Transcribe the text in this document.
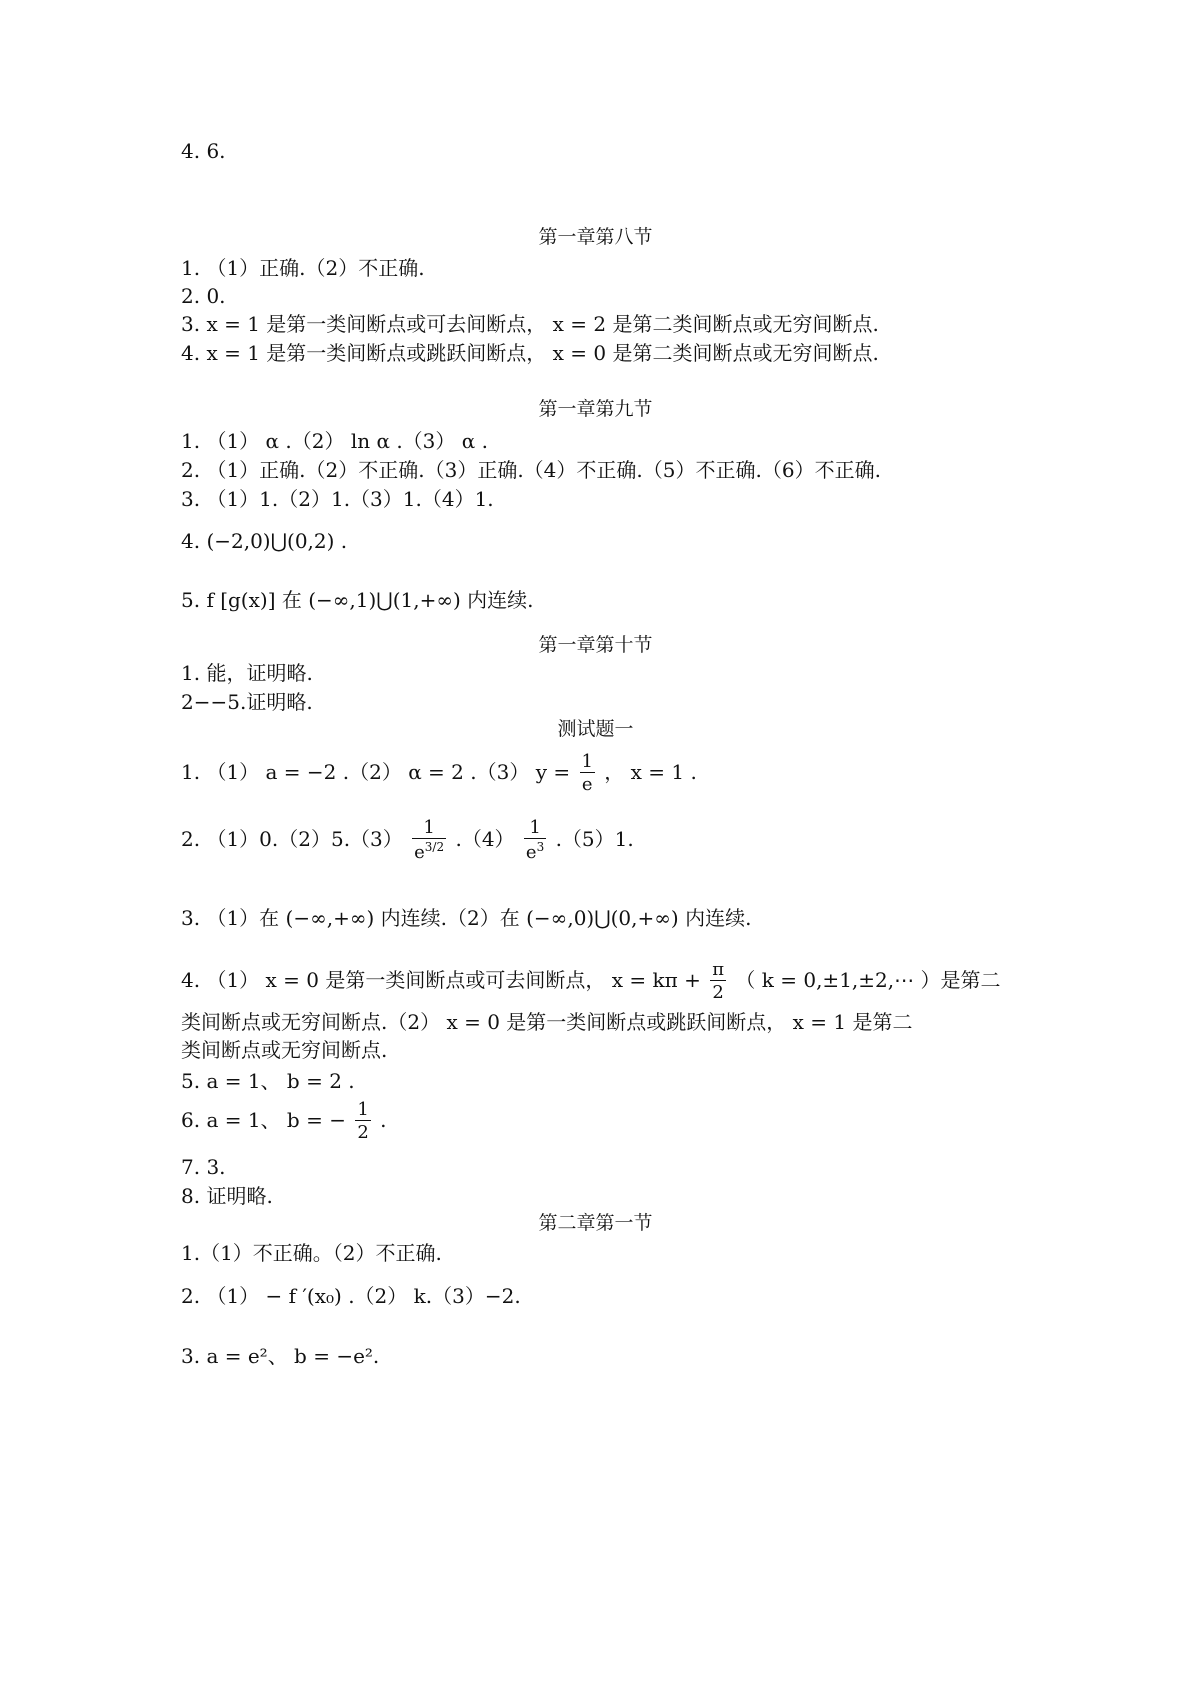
4. 6.
第一章第八节
1. （1）正确.（2）不正确.
2. 0.
3. x = 1 是第一类间断点或可去间断点， x = 2 是第二类间断点或无穷间断点.
4. x = 1 是第一类间断点或跳跃间断点， x = 0 是第二类间断点或无穷间断点.
第一章第九节
1. （1） α .（2） ln α .（3） α .
2. （1）正确.（2）不正确.（3）正确.（4）不正确.（5）不正确.（6）不正确.
3. （1）1.（2）1.（3）1.（4）1.
4. (−2,0)⋃(0,2) .
5. f [g(x)] 在 (−∞,1)⋃(1,+∞) 内连续.
第一章第十节
1. 能，证明略.
2−−5.证明略.
测试题一
1. （1） a = −2 .（2） α = 2 .（3） $y = \frac{1}{e}$ ， x = 1 .
2. $(1)0.(2)5.(3) \frac{1}{e^{3/2}} .(4) \frac{1}{e^3} .(5)1$.
3. （1）在 (−∞,+∞) 内连续.（2）在 (−∞,0)⋃(0,+∞) 内连续.
4. （1） x = 0 是第一类间断点或可去间断点， $x = k\pi + \frac{\pi}{2}$ （ k = 0,±1,±2,⋯ ）是第二
类间断点或无穷间断点.（2） x = 0 是第一类间断点或跳跃间断点， x = 1 是第二
类间断点或无穷间断点.
5. a = 1、 b = 2 .
6. a = 1、 b = − $\frac{1}{2}$ .
7. 3.
8. 证明略.
第二章第一节
1.（1）不正确。（2）不正确.
2. （1） − f ′(x₀) .（2） k.（3）−2.
3. a = e²、 b = −e².
